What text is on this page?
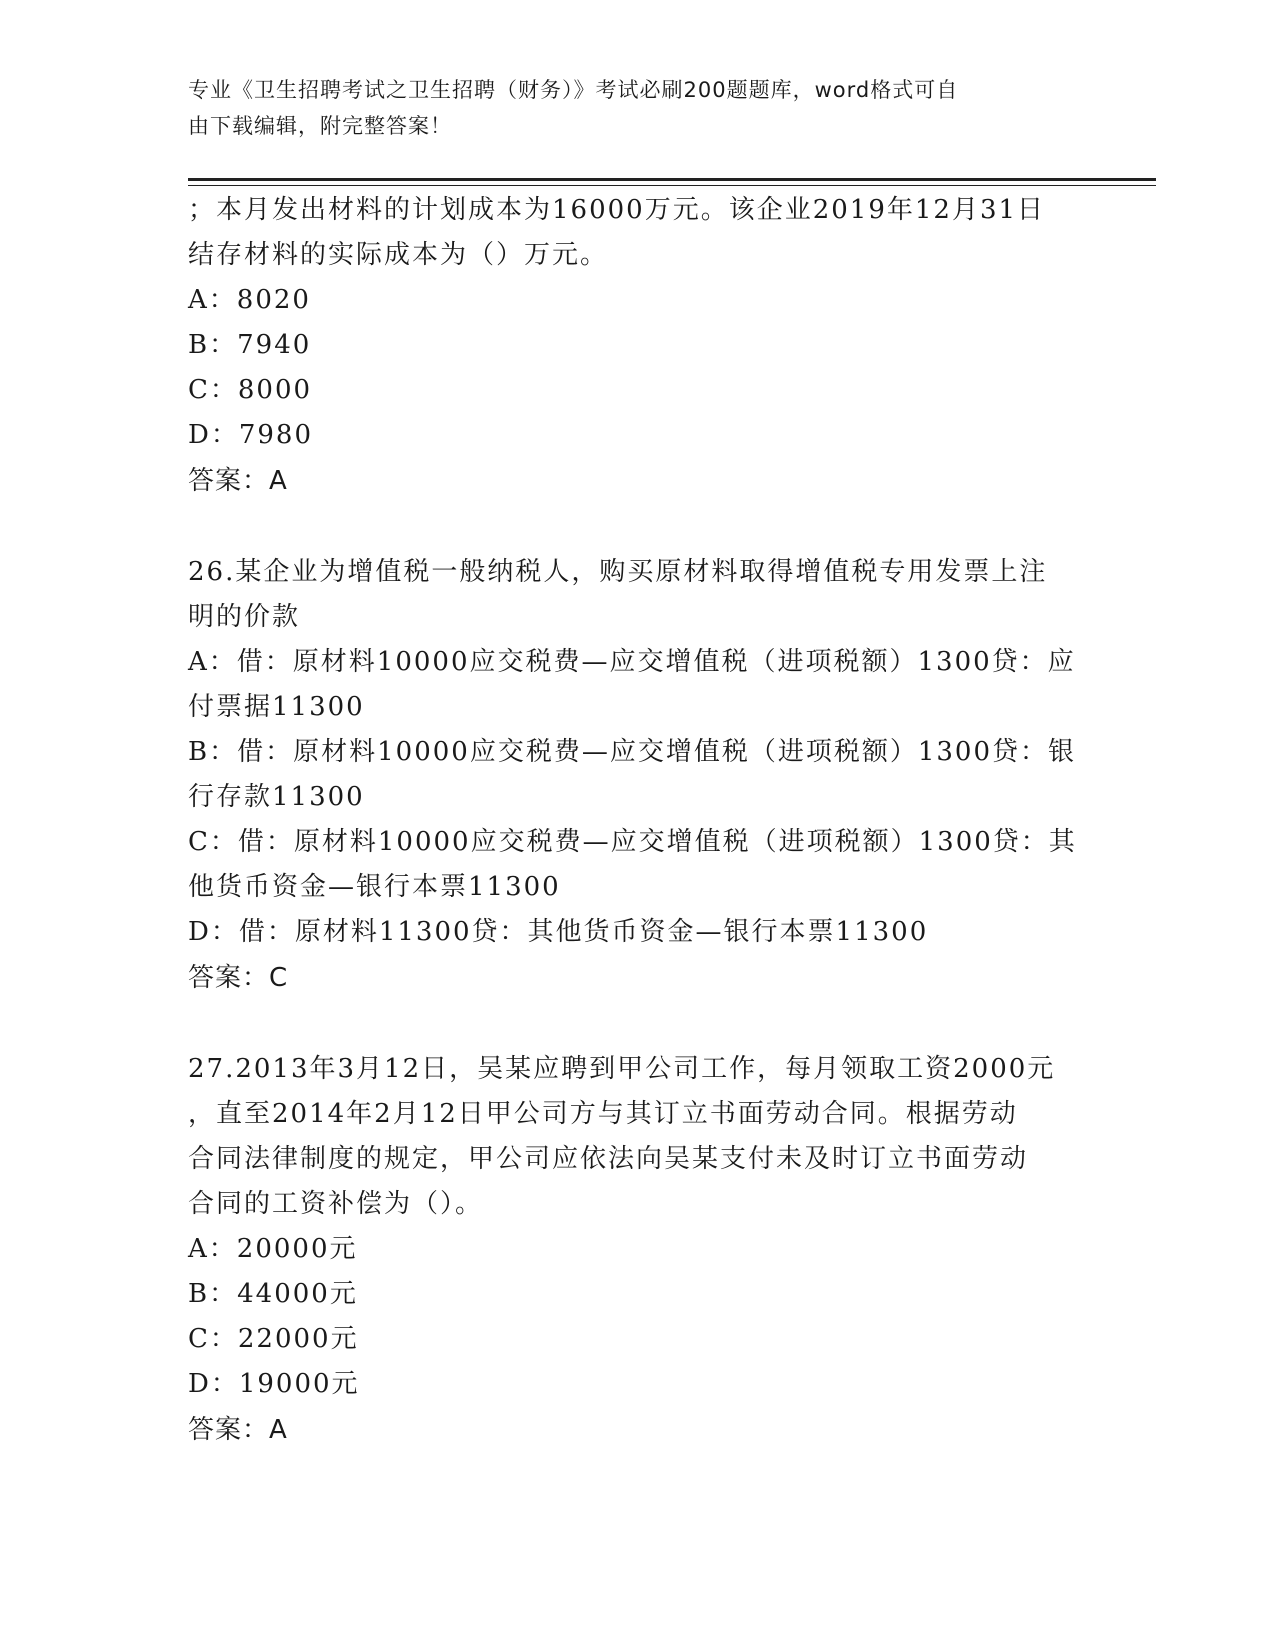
专业《卫生招聘考试之卫生招聘（财务）》考试必刷200题题库，word格式可自
由下载编辑，附完整答案！
；本月发出材料的计划成本为16000万元。该企业2019年12月31日
结存材料的实际成本为（）万元。
A：8020
B：7940
C：8000
D：7980
答案：A
26.某企业为增值税一般纳税人，购买原材料取得增值税专用发票上注
明的价款
A：借：原材料10000应交税费—应交增值税（进项税额）1300贷：应
付票据11300
B：借：原材料10000应交税费—应交增值税（进项税额）1300贷：银
行存款11300
C：借：原材料10000应交税费—应交增值税（进项税额）1300贷：其
他货币资金—银行本票11300
D：借：原材料11300贷：其他货币资金—银行本票11300
答案：C
27.2013年3月12日，吴某应聘到甲公司工作，每月领取工资2000元
，直至2014年2月12日甲公司方与其订立书面劳动合同。根据劳动
合同法律制度的规定，甲公司应依法向吴某支付未及时订立书面劳动
合同的工资补偿为（）。
A：20000元
B：44000元
C：22000元
D：19000元
答案：A
